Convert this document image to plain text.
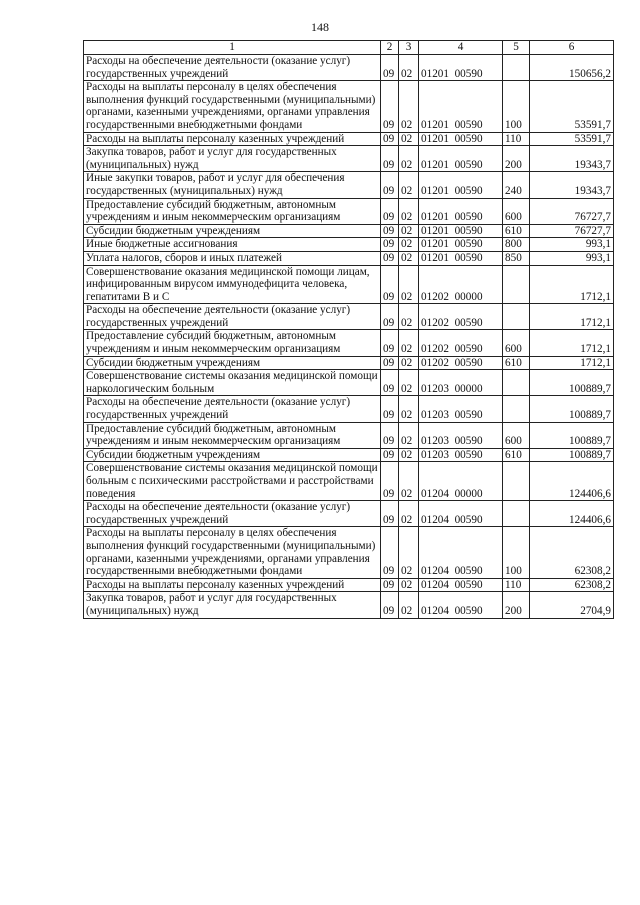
148
1	2	3	4	5	6
Расходы на обеспечение деятельности (оказание услуг) государственных учреждений	09	02	01201  00590		150656,2
Расходы на выплаты персоналу в целях обеспечения выполнения функций государственными (муниципальными) органами, казенными учреждениями, органами управления государственными внебюджетными фондами	09	02	01201  00590	100	53591,7
Расходы на выплаты персоналу казенных учреждений	09	02	01201  00590	110	53591,7
Закупка товаров, работ и услуг для государственных (муниципальных) нужд	09	02	01201  00590	200	19343,7
Иные закупки товаров, работ и услуг для обеспечения государственных (муниципальных) нужд	09	02	01201  00590	240	19343,7
Предоставление субсидий бюджетным, автономным учреждениям и иным некоммерческим организациям	09	02	01201  00590	600	76727,7
Субсидии бюджетным учреждениям	09	02	01201  00590	610	76727,7
Иные бюджетные ассигнования	09	02	01201  00590	800	993,1
Уплата налогов, сборов и иных платежей	09	02	01201  00590	850	993,1
Совершенствование оказания медицинской помощи лицам, инфицированным вирусом иммунодефицита человека, гепатитами В и С	09	02	01202  00000		1712,1
Расходы на обеспечение деятельности (оказание услуг) государственных учреждений	09	02	01202  00590		1712,1
Предоставление субсидий бюджетным, автономным учреждениям и иным некоммерческим организациям	09	02	01202  00590	600	1712,1
Субсидии бюджетным учреждениям	09	02	01202  00590	610	1712,1
Совершенствование системы оказания медицинской помощи наркологическим больным	09	02	01203  00000		100889,7
Расходы на обеспечение деятельности (оказание услуг) государственных учреждений	09	02	01203  00590		100889,7
Предоставление субсидий бюджетным, автономным учреждениям и иным некоммерческим организациям	09	02	01203  00590	600	100889,7
Субсидии бюджетным учреждениям	09	02	01203  00590	610	100889,7
Совершенствование системы оказания медицинской помощи больным с психическими расстройствами и расстройствами поведения	09	02	01204  00000		124406,6
Расходы на обеспечение деятельности (оказание услуг) государственных учреждений	09	02	01204  00590		124406,6
Расходы на выплаты персоналу в целях обеспечения выполнения функций государственными (муниципальными) органами, казенными учреждениями, органами управления государственными внебюджетными фондами	09	02	01204  00590	100	62308,2
Расходы на выплаты персоналу казенных учреждений	09	02	01204  00590	110	62308,2
Закупка товаров, работ и услуг для государственных (муниципальных) нужд	09	02	01204  00590	200	2704,9
